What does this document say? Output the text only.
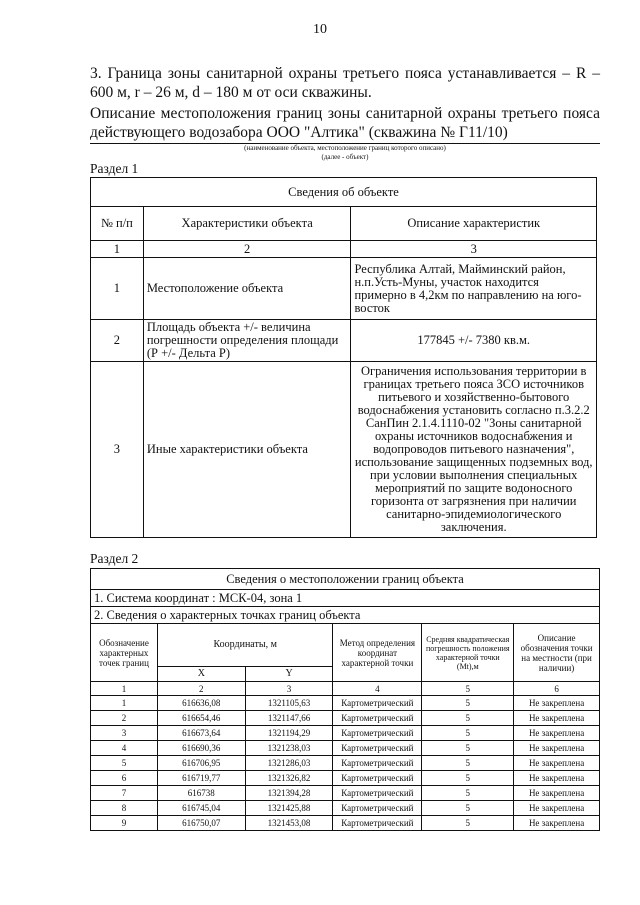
10
3. Граница зоны санитарной охраны третьего пояса устанавливается – R – 600 м, r – 26 м, d – 180 м от оси скважины.
Описание местоположения границ зоны санитарной охраны третьего пояса действующего водозабора ООО "Алтика" (скважина № Г11/10)
(наименование объекта, местоположение границ которого описано)
(далее - объект)
Раздел 1
Сведения об объекте		
№ п/п	Характеристики объекта	Описание характеристик
1	2	3
1	Местоположение объекта	Республика Алтай, Майминский район, н.п.Усть-Муны, участок находится примерно в 4,2км по направлению на юго-восток
2	Площадь объекта +/- величина погрешности определения площади (Р +/- Дельта Р)	177845 +/- 7380 кв.м.
3	Иные характеристики объекта	Ограничения использования территории в границах третьего пояса ЗСО источников питьевого и хозяйственно-бытового водоснабжения установить согласно п.3.2.2 СанПин 2.1.4.1110-02 "Зоны санитарной охраны источников водоснабжения и водопроводов питьевого назначения", использование защищенных подземных вод, при условии выполнения специальных мероприятий по защите водоносного горизонта от загрязнения при наличии санитарно-эпидемиологического заключения.
Раздел 2
Сведения о местоположении границ объекта					
1. Система координат : МСК-04, зона 1					
2. Сведения о характерных точках границ объекта					
Обозначение характерных точек границ	Координаты, м		Метод определения координат характерной точки	Средняя квадратическая погрешность положения характерной точки (Мt),м	Описание обозначения точки на местности (при наличии)
	X	Y			
1	2	3	4	5	6
1	616636,08	1321105,63	Картометрический	5	Не закреплена
2	616654,46	1321147,66	Картометрический	5	Не закреплена
3	616673,64	1321194,29	Картометрический	5	Не закреплена
4	616690,36	1321238,03	Картометрический	5	Не закреплена
5	616706,95	1321286,03	Картометрический	5	Не закреплена
6	616719,77	1321326,82	Картометрический	5	Не закреплена
7	616738	1321394,28	Картометрический	5	Не закреплена
8	616745,04	1321425,88	Картометрический	5	Не закреплена
9	616750,07	1321453,08	Картометрический	5	Не закреплена
